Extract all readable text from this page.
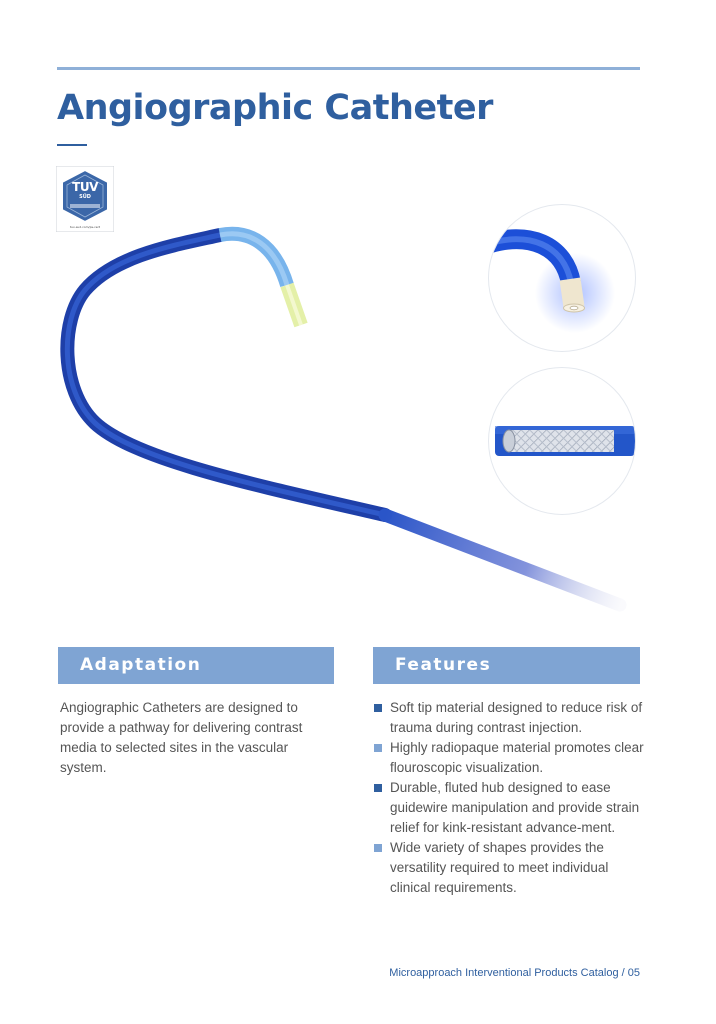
Angiographic Catheter
TUV
SÜD
tuv-sud.com/ps-cert
Adaptation	Features

Angiographic Catheters are designed to provide a pathway for delivering contrast media to selected sites in the vascular system.

Soft tip material designed to reduce risk of trauma during contrast injection.
Highly radiopaque material promotes clear flouroscopic visualization.
Durable, fluted hub designed to ease guidewire manipulation and provide strain relief for kink-resistant advance-ment.
Wide variety of shapes provides the versatility required to meet individual clinical requirements.
Microapproach Interventional Products Catalog / 05
